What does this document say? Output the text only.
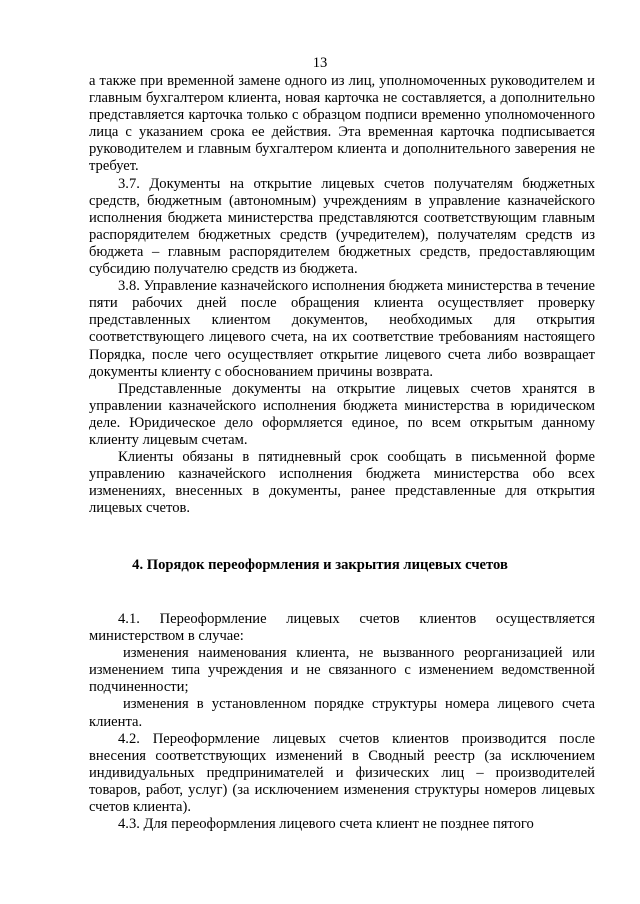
13

а также при временной замене одного из лиц, уполномоченных руководителем и главным бухгалтером клиента, новая карточка не составляется, а дополнительно представляется карточка только с образцом подписи временно уполномоченного лица с указанием срока ее действия. Эта временная карточка подписывается руководителем и главным бухгалтером клиента и дополнительного заверения не требует.

3.7. Документы на открытие лицевых счетов получателям бюджетных средств, бюджетным (автономным) учреждениям в управление казначейского исполнения бюджета министерства представляются соответствующим главным распорядителем бюджетных средств (учредителем), получателям средств из бюджета – главным распорядителем бюджетных средств, предоставляющим субсидию получателю средств из бюджета.

3.8. Управление казначейского исполнения бюджета министерства в течение пяти рабочих дней после обращения клиента осуществляет проверку представленных клиентом документов, необходимых для открытия соответствующего лицевого счета, на их соответствие требованиям настоящего Порядка, после чего осуществляет открытие лицевого счета либо возвращает документы клиенту с обоснованием причины возврата.

Представленные документы на открытие лицевых счетов хранятся в управлении казначейского исполнения бюджета министерства в юридическом деле. Юридическое дело оформляется единое, по всем открытым данному клиенту лицевым счетам.

Клиенты обязаны в пятидневный срок сообщать в письменной форме управлению казначейского исполнения бюджета министерства обо всех изменениях, внесенных в документы, ранее представленные для открытия лицевых счетов.

4. Порядок переоформления и закрытия лицевых счетов

4.1. Переоформление лицевых счетов клиентов осуществляется министерством в случае:

изменения наименования клиента, не вызванного реорганизацией или изменением типа учреждения и не связанного с изменением ведомственной подчиненности;

изменения в установленном порядке структуры номера лицевого счета клиента.

4.2. Переоформление лицевых счетов клиентов производится после внесения соответствующих изменений в Сводный реестр (за исключением индивидуальных предпринимателей и физических лиц – производителей товаров, работ, услуг) (за исключением изменения структуры номеров лицевых счетов клиента).

4.3. Для переоформления лицевого счета клиент не позднее пятого
